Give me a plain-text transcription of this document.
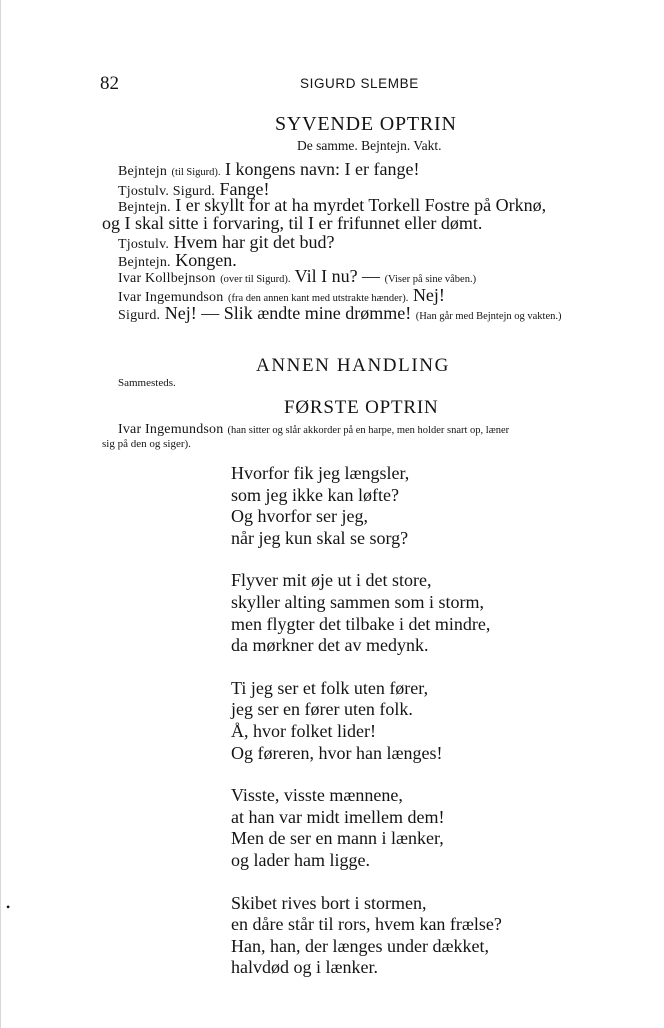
82	SIGURD SLEMBE
SYVENDE OPTRIN
De samme. Bejntejn. Vakt.
Bejntejn (til Sigurd). I kongens navn: I er fange!
Tjostulv. Sigurd. Fange!
Bejntejn. I er skyllt for at ha myrdet Torkell Fostre på Orknø,
og I skal sitte i forvaring, til I er frifunnet eller dømt.
Tjostulv. Hvem har git det bud?
Bejntejn. Kongen.
Ivar Kollbejnson (over til Sigurd). Vil I nu? — (Viser på sine våben.)
Ivar Ingemundson (fra den annen kant med utstrakte hænder). Nej!
Sigurd. Nej! — Slik ændte mine drømme! (Han går med Bejntejn og vakten.)
ANNEN HANDLING
Sammesteds.
FØRSTE OPTRIN
Ivar Ingemundson (han sitter og slår akkorder på en harpe, men holder snart op, læner
sig på den og siger).
Hvorfor fik jeg længsler,
som jeg ikke kan løfte?
Og hvorfor ser jeg,
når jeg kun skal se sorg?
Flyver mit øje ut i det store,
skyller alting sammen som i storm,
men flygter det tilbake i det mindre,
da mørkner det av medynk.
Ti jeg ser et folk uten fører,
jeg ser en fører uten folk.
Å, hvor folket lider!
Og føreren, hvor han længes!
Visste, visste mænnene,
at han var midt imellem dem!
Men de ser en mann i lænker,
og lader ham ligge.
Skibet rives bort i stormen,
en dåre står til rors, hvem kan frælse?
Han, han, der længes under dækket,
halvdød og i lænker.
•
